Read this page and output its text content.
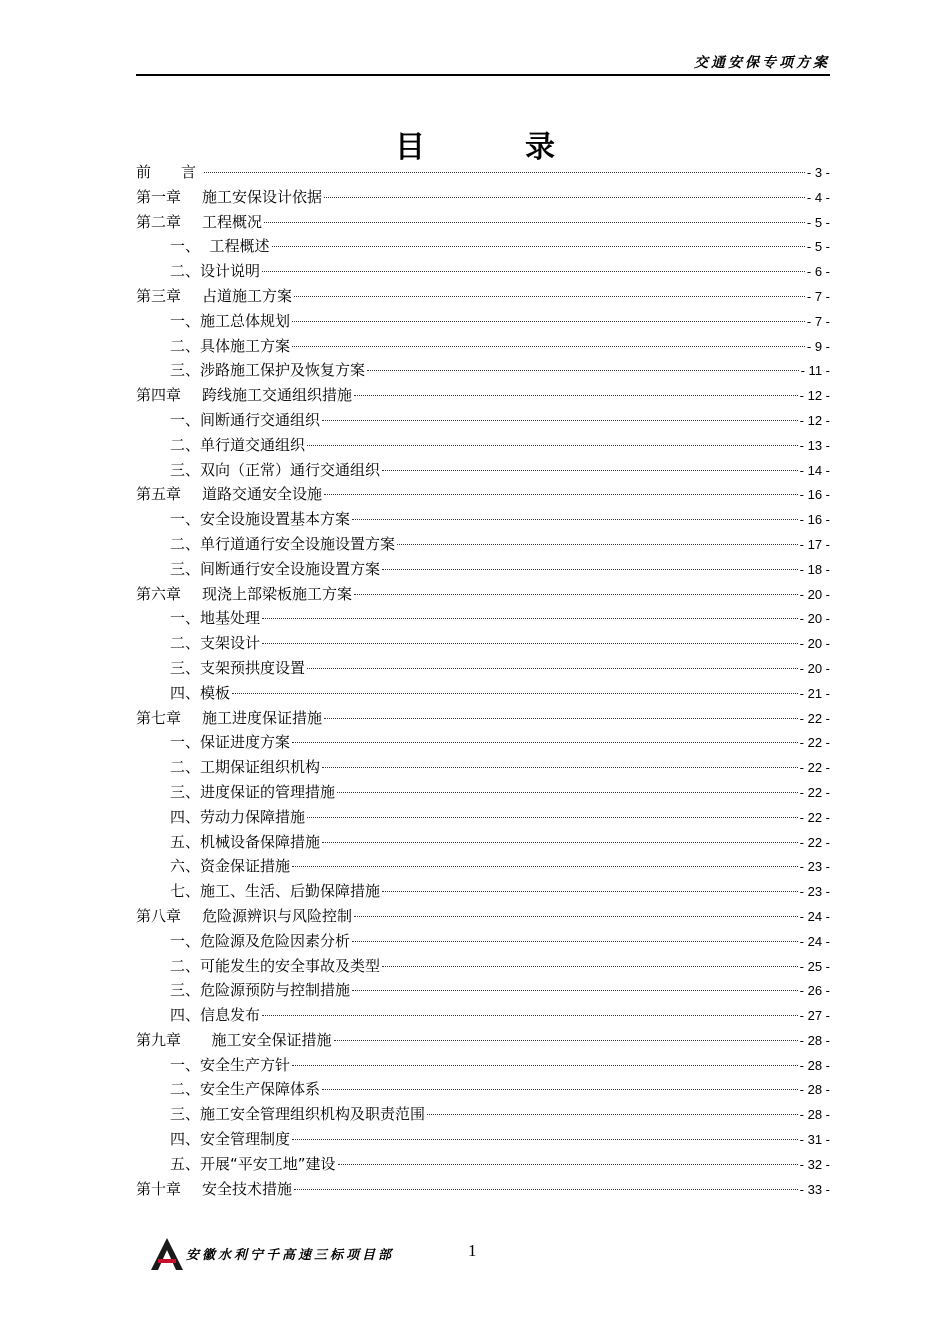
交通安保专项方案
目录
前　　言	- 3 -
第一章 施工安保设计依据	- 4 -
第二章 工程概况	- 5 -
一、  工程概述	- 5 -
二、设计说明	- 6 -
第三章 占道施工方案	- 7 -
一、施工总体规划	- 7 -
二、具体施工方案	- 9 -
三、涉路施工保护及恢复方案	- 11 -
第四章 跨线施工交通组织措施	- 12 -
一、间断通行交通组织	- 12 -
二、单行道交通组织	- 13 -
三、双向（正常）通行交通组织	- 14 -
第五章 道路交通安全设施	- 16 -
一、安全设施设置基本方案	- 16 -
二、单行道通行安全设施设置方案	- 17 -
三、间断通行安全设施设置方案	- 18 -
第六章 现浇上部梁板施工方案	- 20 -
一、地基处理	- 20 -
二、支架设计	- 20 -
三、支架预拱度设置	- 20 -
四、模板	- 21 -
第七章 施工进度保证措施	- 22 -
一、保证进度方案	- 22 -
二、工期保证组织机构	- 22 -
三、进度保证的管理措施	- 22 -
四、劳动力保障措施	- 22 -
五、机械设备保障措施	- 22 -
六、资金保证措施	- 23 -
七、施工、生活、后勤保障措施	- 23 -
第八章 危险源辨识与风险控制	- 24 -
一、危险源及危险因素分析	- 24 -
二、可能发生的安全事故及类型	- 25 -
三、危险源预防与控制措施	- 26 -
四、信息发布	- 27 -
第九章  施工安全保证措施	- 28 -
一、安全生产方针	- 28 -
二、安全生产保障体系	- 28 -
三、施工安全管理组织机构及职责范围	- 28 -
四、安全管理制度	- 31 -
五、开展“平安工地”建设	- 32 -
第十章 安全技术措施	- 33 -
安徽水利宁千高速三标项目部	1
